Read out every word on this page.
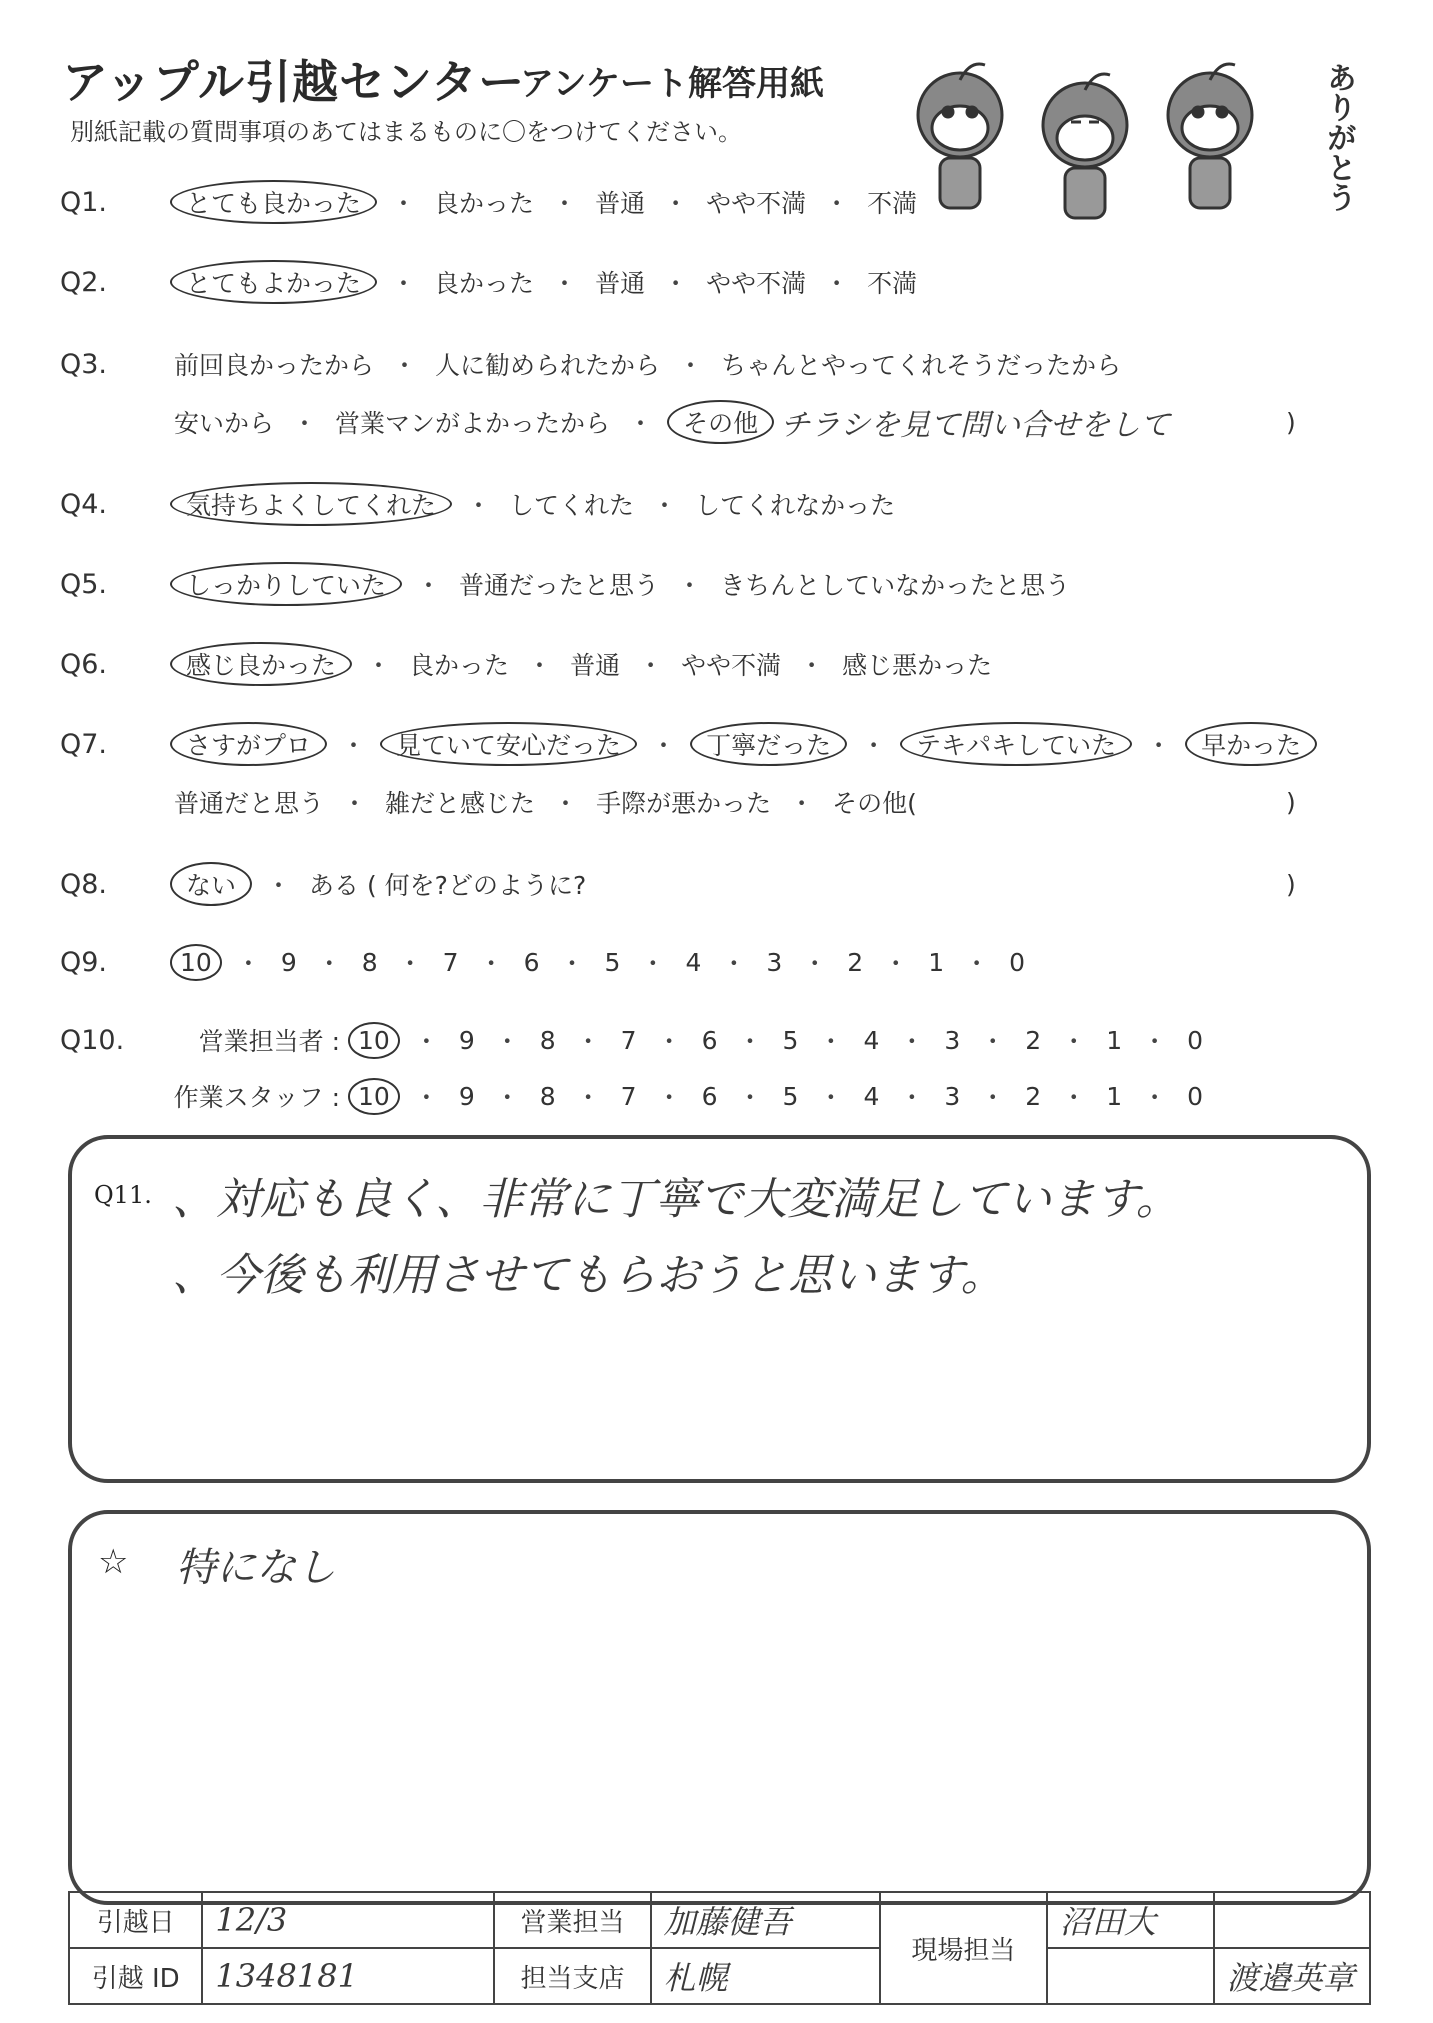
アップル引越センター
アンケート解答用紙
別紙記載の質問事項のあてはまるものに〇をつけてください。	ありがとう
Q1.	とても良かった	・ 良かった ・ 普通 ・ やや不満 ・ 不満
Q2.	とてもよかった	・ 良かった ・ 普通 ・ やや不満 ・ 不満
Q3.	前回良かったから ・ 人に勧められたから ・ ちゃんとやってくれそうだったから
安いから ・ 営業マンがよかったから ・	その他 チラシを見て問い合せをして	)
Q4.	気持ちよくしてくれた	・ してくれた ・ してくれなかった
Q5.	しっかりしていた	・ 普通だったと思う ・ きちんとしていなかったと思う
Q6.	感じ良かった	・ 良かった ・ 普通 ・ やや不満 ・ 感じ悪かった
Q7.	さすがプロ	・	見ていて安心だった	・	丁寧だった	・	テキパキしていた	・	早かった
普通だと思う ・ 雑だと感じた ・ 手際が悪かった ・ その他(	)
Q8.	ない	・ ある ( 何を?どのように?	)
Q9.	10 ・ 9 ・ 8 ・ 7 ・ 6 ・ 5 ・ 4 ・ 3 ・ 2 ・ 1 ・ 0
Q10.	営業担当者 : 10 ・ 9 ・ 8 ・ 7 ・ 6 ・ 5 ・ 4 ・ 3 ・ 2 ・ 1 ・ 0
作業スタッフ : 10 ・ 9 ・ 8 ・ 7 ・ 6 ・ 5 ・ 4 ・ 3 ・ 2 ・ 1 ・ 0
Q11. 、対応も良く、非常に丁寧で大変満足しています。
、今後も利用させてもらおうと思います。
☆ 特になし
引越日	12/3	営業担当	加藤健吾	現場担当	沼田大	
引越 ID	1348181	担当支店	札幌			渡邉英章
